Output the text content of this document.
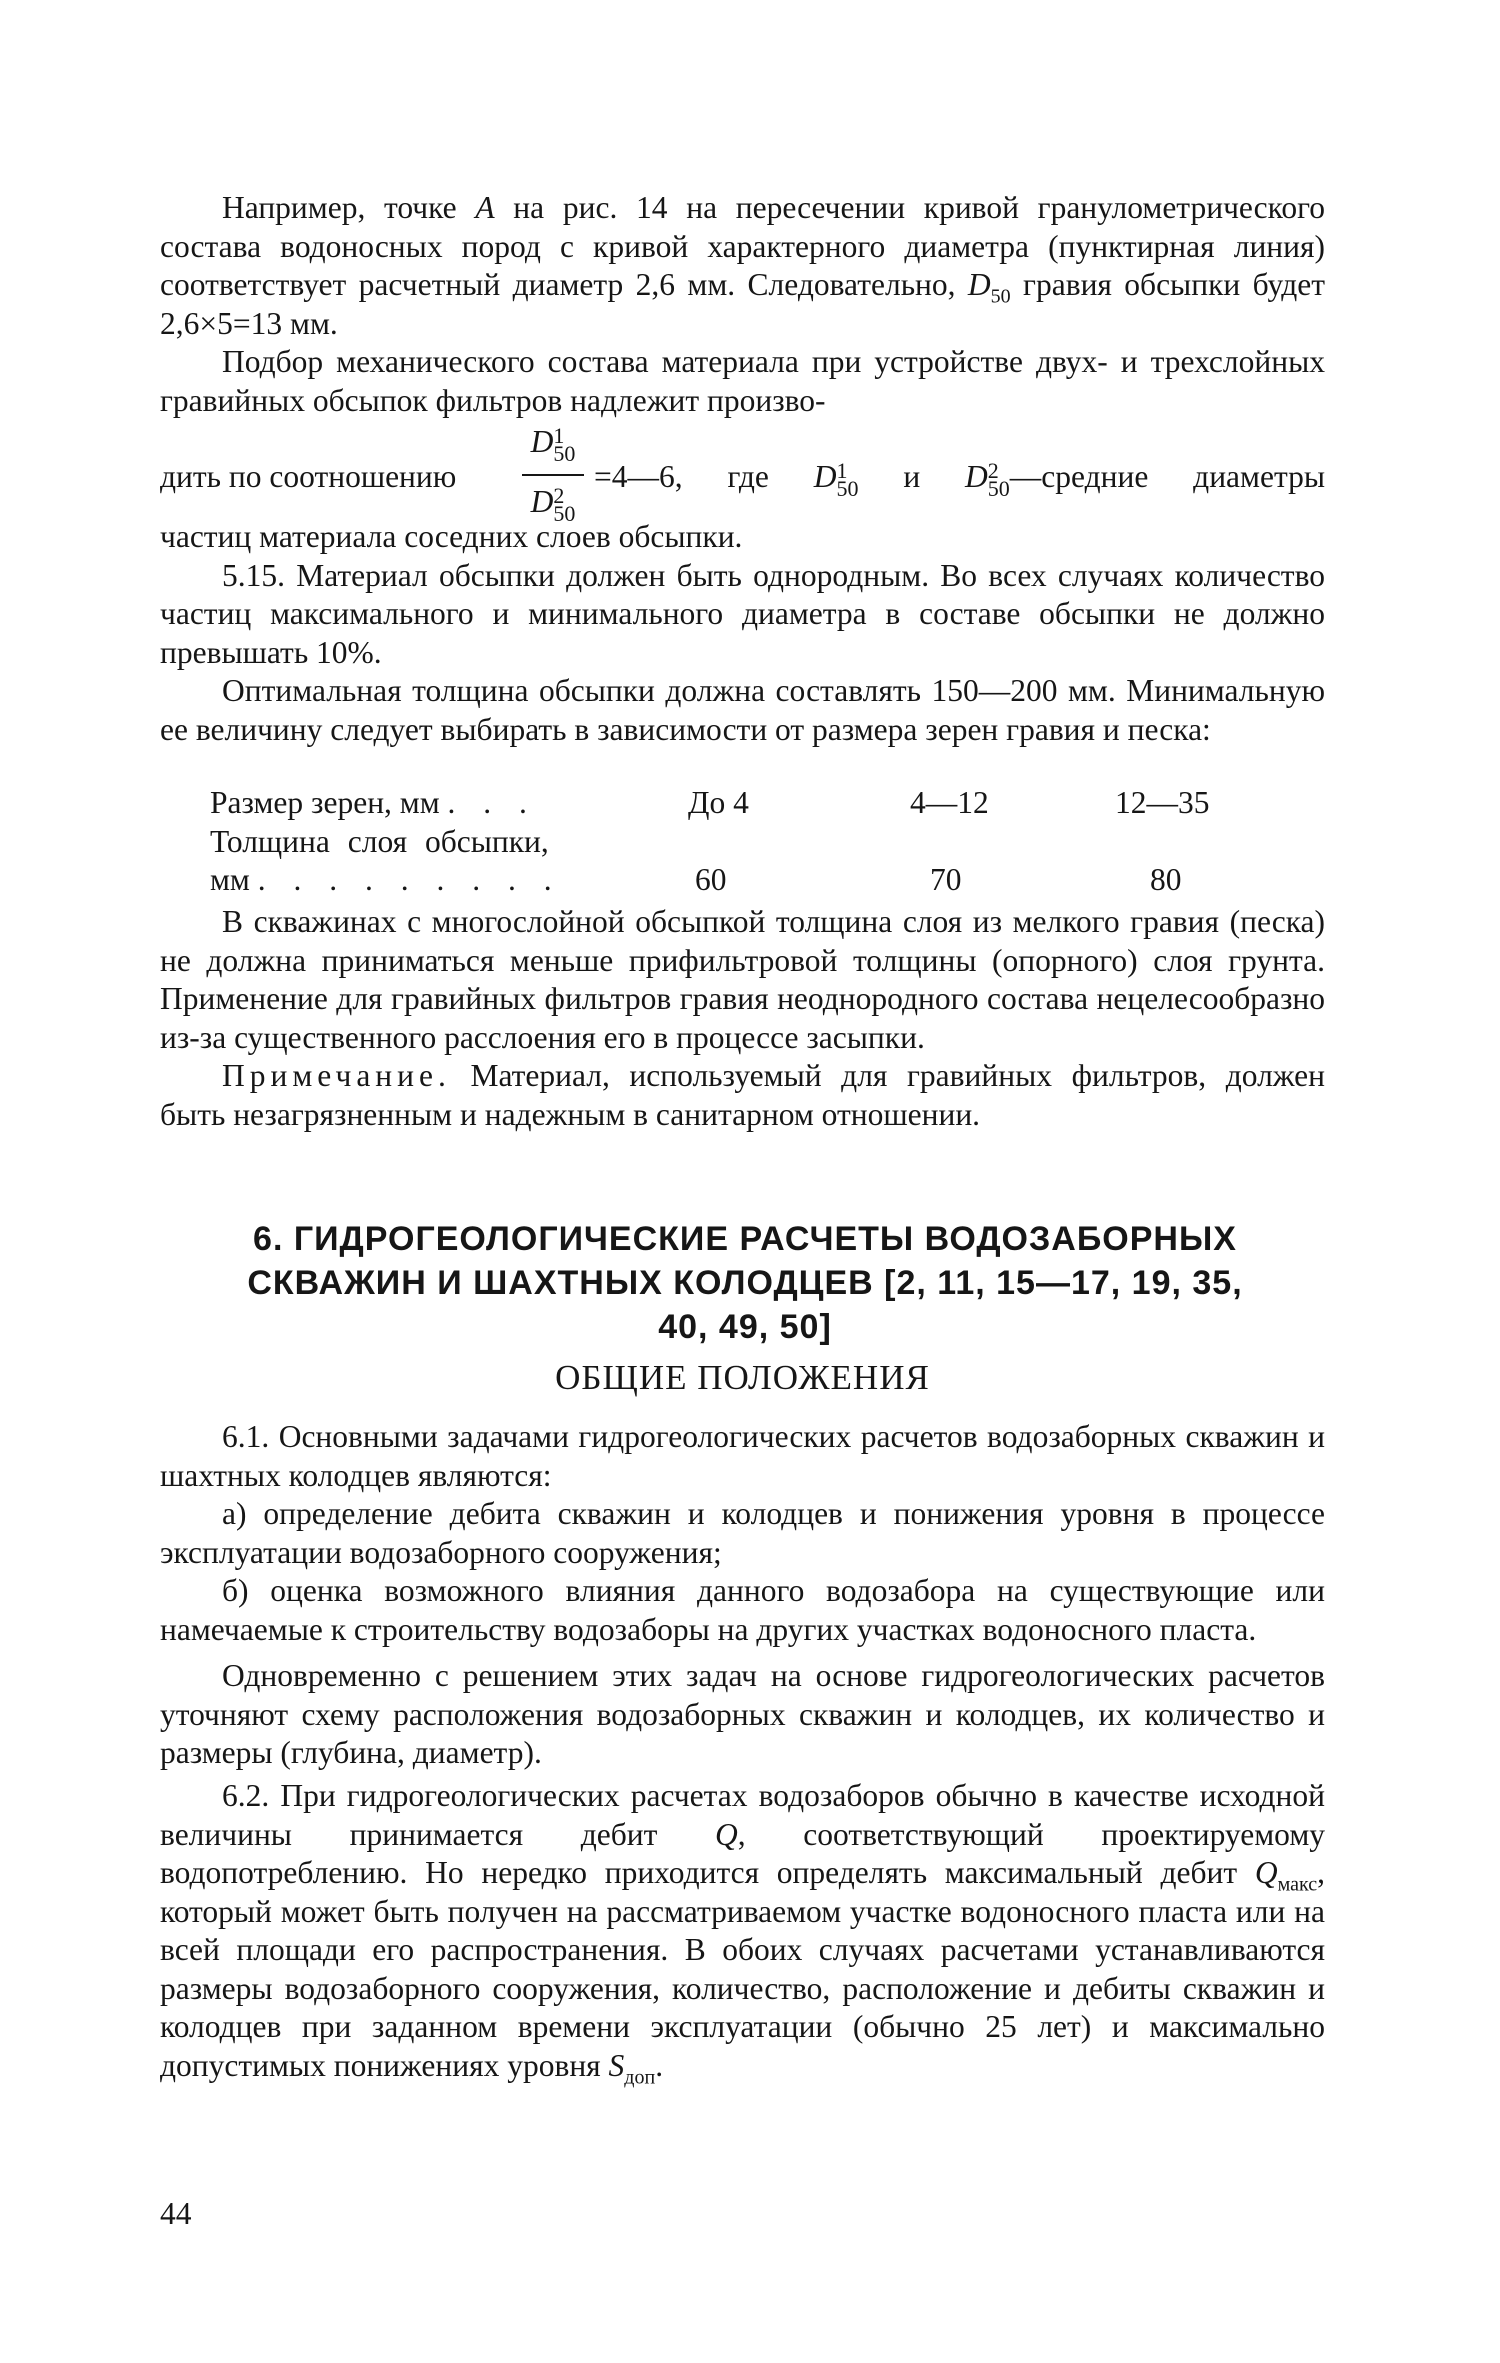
Например, точке А на рис. 14 на пересечении кривой гранулометрического состава водоносных пород с кривой характерного диаметра (пунктирная линия) соответствует расчетный диаметр 2,6 мм. Следовательно, $D_{50}$ гравия обсыпки будет 2,6×5=13 мм.

Подбор механического состава материала при устройстве двух- и трехслойных гравийных обсыпок фильтров надлежит произво-

дить по соотношению
D 1
50
D 2
50
=4—6, где D 1
50 и D 2
50 —средние диаметры

частиц материала соседних слоев обсыпки.

5.15. Материал обсыпки должен быть однородным. Во всех случаях количество частиц максимального и минимального диаметра в составе обсыпки не должно превышать 10%.

Оптимальная толщина обсыпки должна составлять 150—200 мм. Минимальную ее величину следует выбирать в зависимости от размера зерен гравия и песка:

Размер зерен, мм . . .	До 4	4—12	12—35
Толщина слоя обсыпки,
мм . . . . . . . . .	60	70	80

В скважинах с многослойной обсыпкой толщина слоя из мелкого гравия (песка) не должна приниматься меньше прифильтровой толщины (опорного) слоя грунта. Применение для гравийных фильтров гравия неоднородного состава нецелесообразно из-за существенного расслоения его в процессе засыпки.

Примечание. Материал, используемый для гравийных фильтров, должен быть незагрязненным и надежным в санитарном отношении.

6. ГИДРОГЕОЛОГИЧЕСКИЕ РАСЧЕТЫ ВОДОЗАБОРНЫХ
СКВАЖИН И ШАХТНЫХ КОЛОДЦЕВ [2, 11, 15—17, 19, 35,
40, 49, 50]
ОБЩИЕ ПОЛОЖЕНИЯ

6.1. Основными задачами гидрогеологических расчетов водозаборных скважин и шахтных колодцев являются:

а) определение дебита скважин и колодцев и понижения уровня в процессе эксплуатации водозаборного сооружения;

б) оценка возможного влияния данного водозабора на существующие или намечаемые к строительству водозаборы на других участках водоносного пласта.

Одновременно с решением этих задач на основе гидрогеологических расчетов уточняют схему расположения водозаборных скважин и колодцев, их количество и размеры (глубина, диаметр).

6.2. При гидрогеологических расчетах водозаборов обычно в качестве исходной величины принимается дебит Q, соответствующий проектируемому водопотреблению. Но нередко приходится определять максимальный дебит $Q_{макс}$, который может быть получен на рассматриваемом участке водоносного пласта или на всей площади его распространения. В обоих случаях расчетами устанавливаются размеры водозаборного сооружения, количество, расположение и дебиты скважин и колодцев при заданном времени эксплуатации (обычно 25 лет) и максимально допустимых понижениях уровня $S_{доп}$.

44
